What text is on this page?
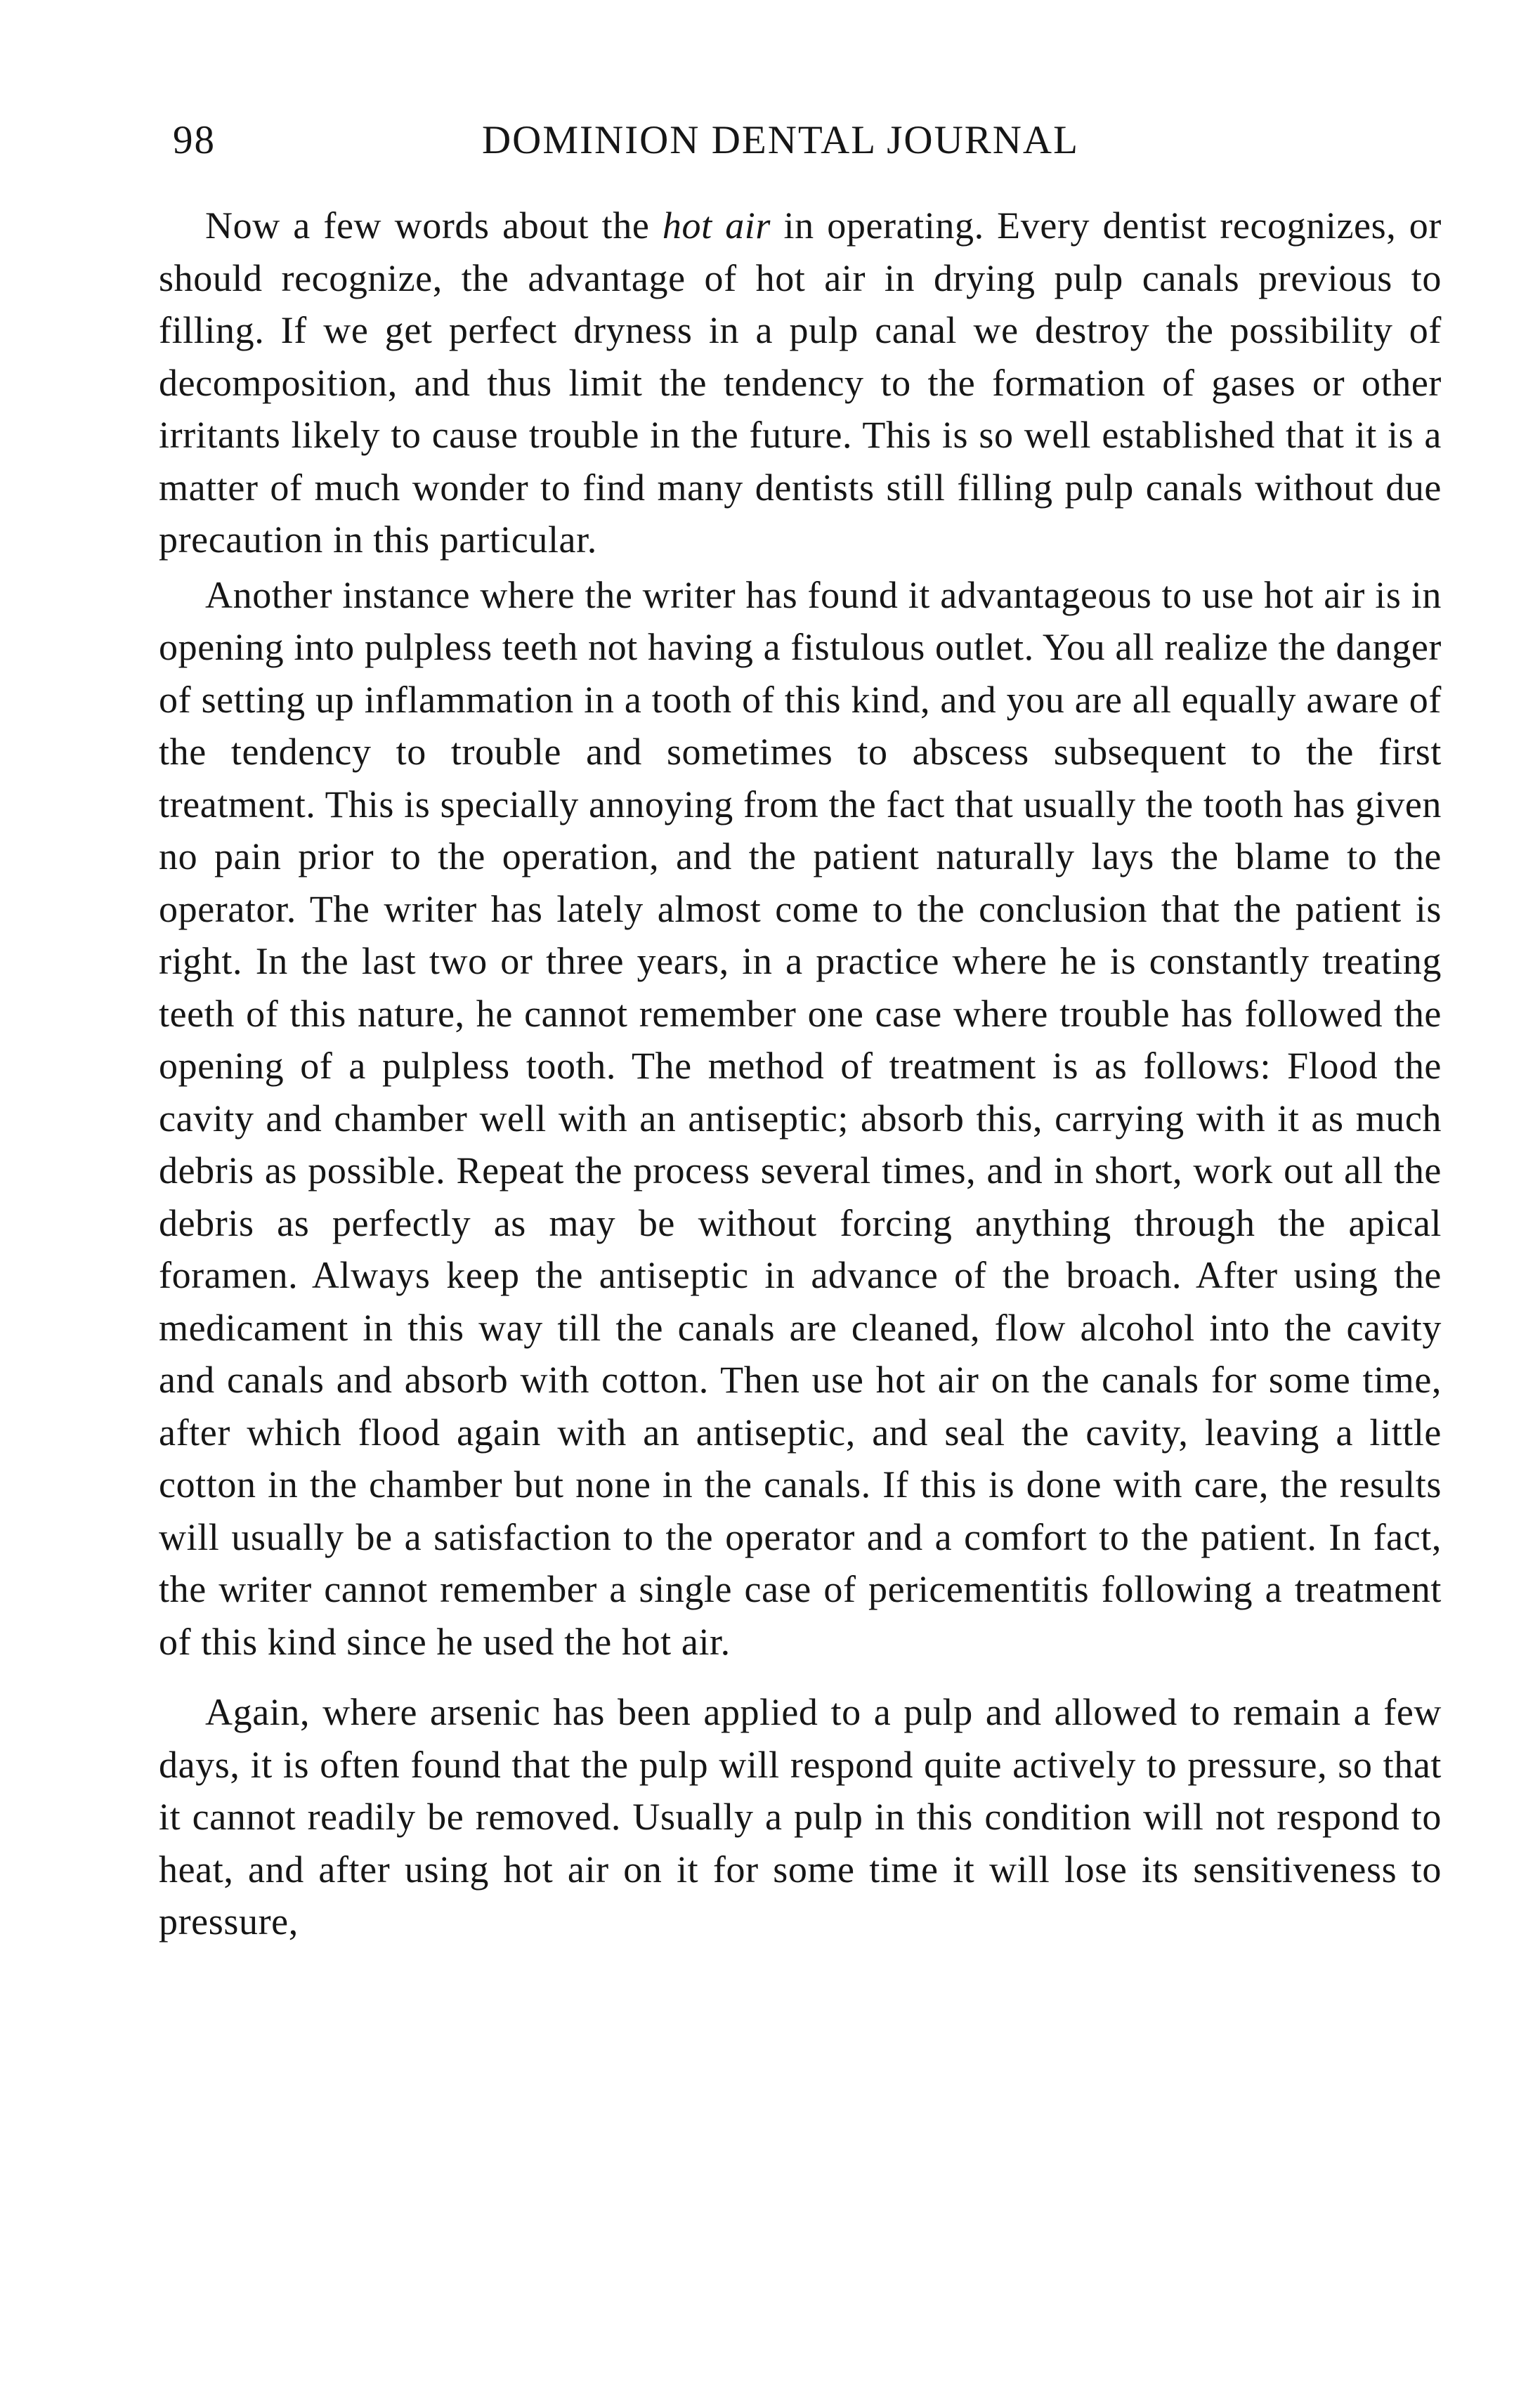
98	DOMINION DENTAL JOURNAL

Now a few words about the hot air in operating. Every dentist recognizes, or should recognize, the advantage of hot air in drying pulp canals previous to filling. If we get perfect dryness in a pulp canal we destroy the possibility of decomposition, and thus limit the tendency to the formation of gases or other irritants likely to cause trouble in the future. This is so well established that it is a matter of much wonder to find many dentists still filling pulp canals without due precaution in this particular.

Another instance where the writer has found it advantageous to use hot air is in opening into pulpless teeth not having a fistulous outlet. You all realize the danger of setting up inflammation in a tooth of this kind, and you are all equally aware of the tendency to trouble and sometimes to abscess subsequent to the first treatment. This is specially annoying from the fact that usually the tooth has given no pain prior to the operation, and the patient naturally lays the blame to the operator. The writer has lately almost come to the conclusion that the patient is right. In the last two or three years, in a practice where he is constantly treating teeth of this nature, he cannot remember one case where trouble has followed the opening of a pulpless tooth. The method of treatment is as follows: Flood the cavity and chamber well with an antiseptic; absorb this, carrying with it as much debris as possible. Repeat the process several times, and in short, work out all the debris as perfectly as may be without forcing anything through the apical foramen. Always keep the antiseptic in advance of the broach. After using the medicament in this way till the canals are cleaned, flow alcohol into the cavity and canals and absorb with cotton. Then use hot air on the canals for some time, after which flood again with an antiseptic, and seal the cavity, leaving a little cotton in the chamber but none in the canals. If this is done with care, the results will usually be a satisfaction to the operator and a comfort to the patient. In fact, the writer cannot remember a single case of pericementitis following a treatment of this kind since he used the hot air.

Again, where arsenic has been applied to a pulp and allowed to remain a few days, it is often found that the pulp will respond quite actively to pressure, so that it cannot readily be removed. Usually a pulp in this condition will not respond to heat, and after using hot air on it for some time it will lose its sensitiveness to pressure,
